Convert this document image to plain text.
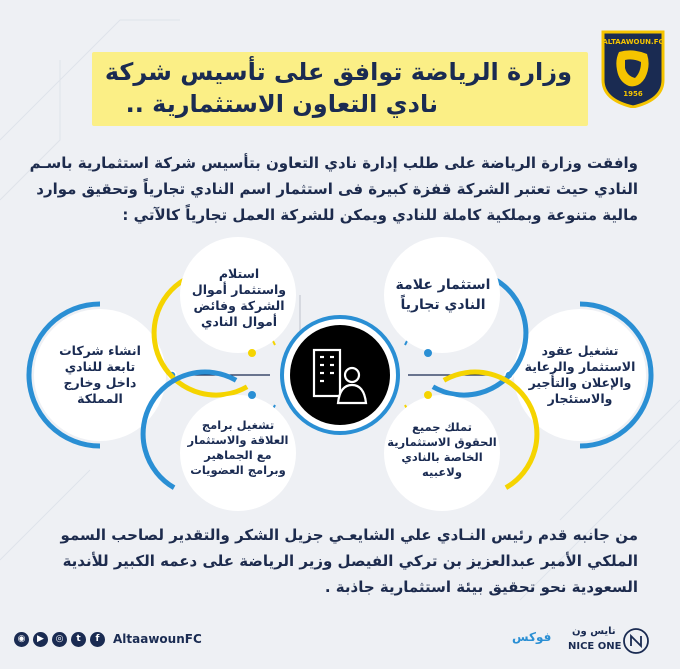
ALTAAWOUN.FC
1956
وزارة الرياضة توافق على تأسيس شركة
نادي التعاون الاستثمارية ..

وافقت وزارة الرياضة على طلب إدارة نادي التعاون بتأسيس شركة استثمارية باسـم

النادي حيث تعتبر الشركة قفزة كبيرة فى استثمار اسم النادي تجارياً وتحقيق موارد

مالية متنوعة وبملكية كاملة للنادي ويمكن للشركة العمل تجارياً كالآتي :

استثمار علامة

النادي تجارياً

استلام

واستثمار أموال

الشركة وفائض

أموال النادي

تشغيل عقود

الاستثمار والرعاية

والإعلان والتأجير

والاستئجار

انشاء شركات

تابعة للنادي

داخل وخارج

المملكة

تملك جميع

الحقوق الاستثمارية

الخاصة بالنادي

ولاعبيه

تشغيل برامج

العلاقة والاستثمار

مع الجماهير

وبرامج العضويات

من جانبه قدم رئيس النـادي علي الشايعـي جزيل الشكر والتقدير لصاحب السمو

الملكي الأمير عبدالعزيز بن تركي الفيصل وزير الرياضة على دعمه الكبير للأندية

السعودية نحو تحقيق بيئة استثمارية جاذبة .

◉	▶	◎	t	f	AltaawounFC	فوكس نايس ون
NICE ONE
